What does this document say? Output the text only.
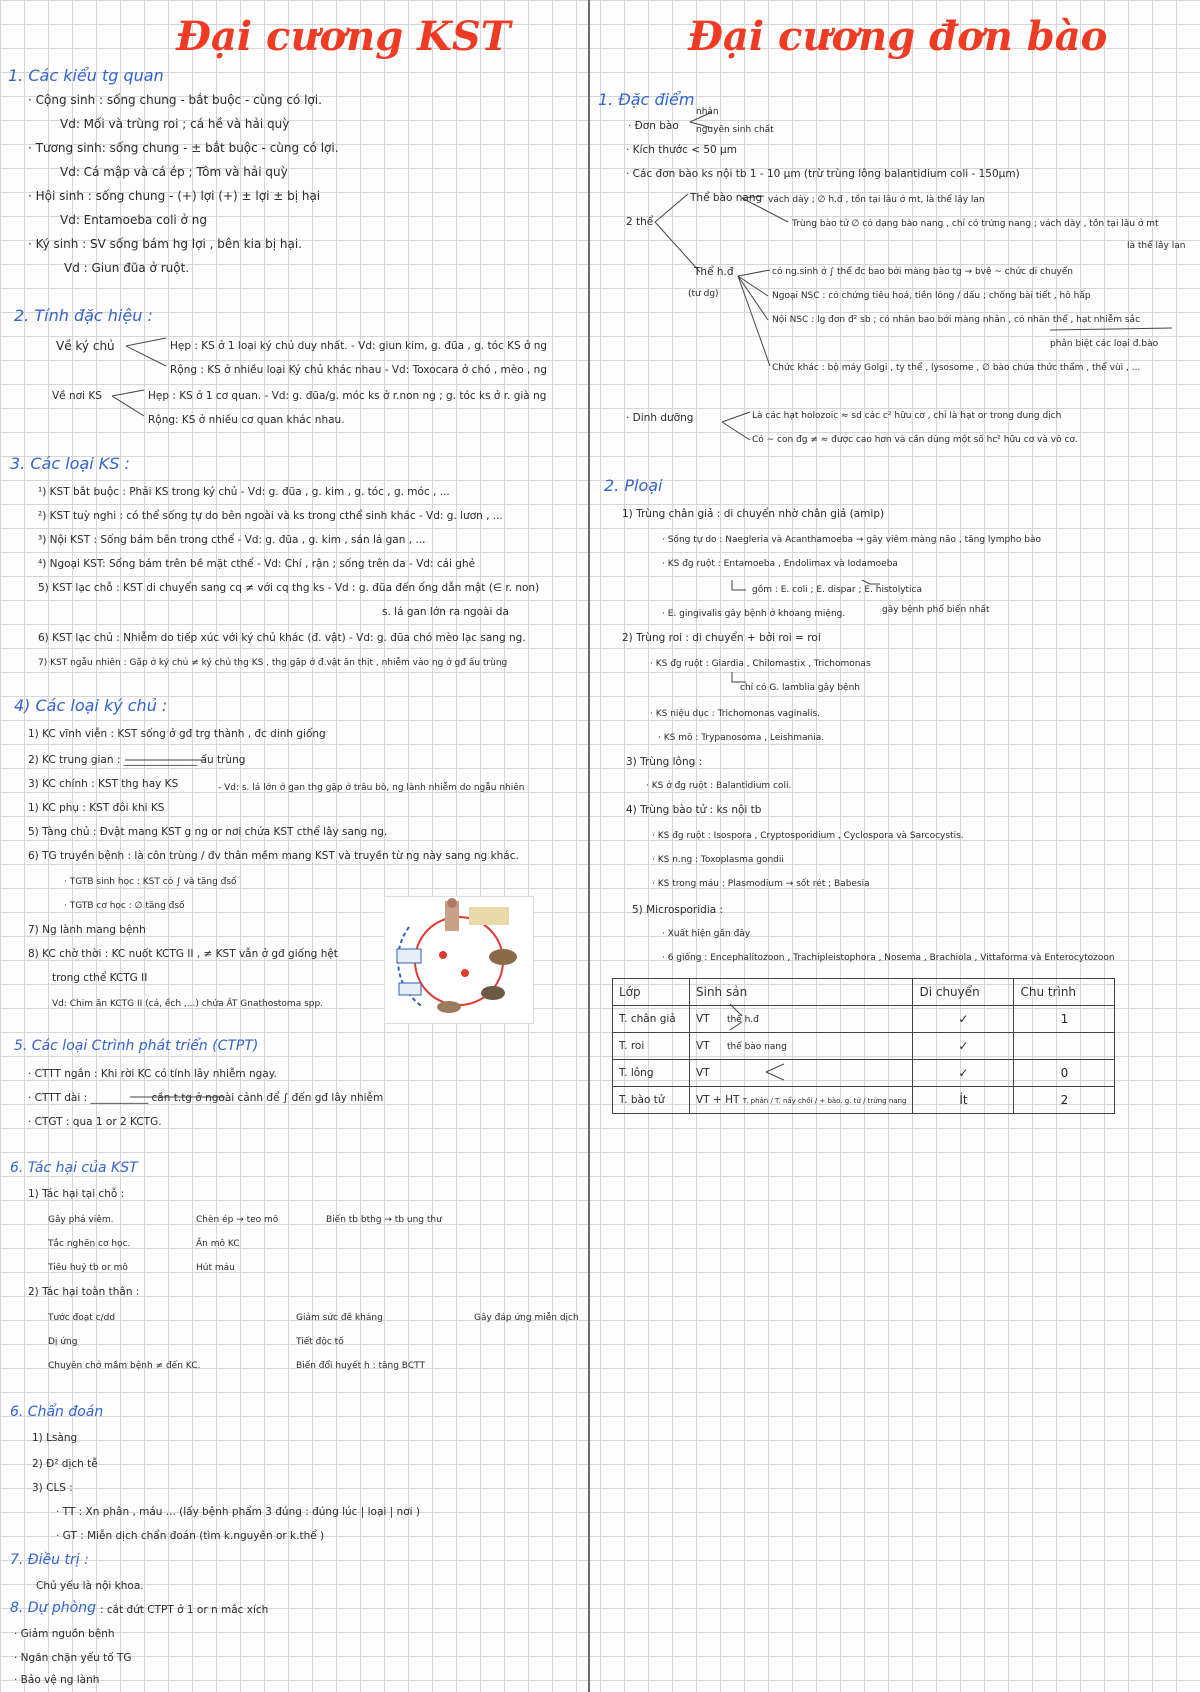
Đại cương KST
1. Các kiểu tg quan
· Cộng sinh : sống chung - bắt buộc - cùng có lợi.
Vd: Mối và trùng roi ; cá hề và hải quỳ
· Tương sinh: sống chung - ± bắt buộc - cùng có lợi.
Vd: Cá mập và cá ép ; Tôm và hải quỳ
· Hội sinh : sống chung - (+) lợi (+) ± lợi ± bị hại
Vd: Entamoeba coli ở ng
· Ký sinh : SV sống bám hg lợi , bên kia bị hại.
Vd : Giun đũa ở ruột.
2. Tính đặc hiệu :
Về ký chủ	Hẹp : KS ở 1 loại ký chủ duy nhất. - Vd: giun kim, g. đũa , g. tóc KS ở ng
Rộng : KS ở nhiều loại Ký chủ khác nhau - Vd: Toxocara ở chó , mèo , ng
Về nơi KS	Hẹp : KS ở 1 cơ quan. - Vd: g. đũa/g. móc ks ở r.non ng ; g. tóc ks ở r. già ng
Rộng: KS ở nhiều cơ quan khác nhau.
3. Các loại KS :
¹) KST bắt buộc : Phải KS trong ký chủ - Vd: g. đũa , g. kim , g. tóc , g. móc , ...
²) KST tuỳ nghi : có thể sống tự do bên ngoài và ks trong cthể sinh khác - Vd: g. lươn , ...
³) Nội KST : Sống bám bên trong cthể - Vd: g. đũa , g. kim , sán lá gan , ...
⁴) Ngoại KST: Sống bám trên bề mặt cthể - Vd: Chí , rận ; sống trên da - Vd: cái ghẻ
5) KST lạc chỗ : KST di chuyển sang cq ≠ với cq thg ks - Vd : g. đũa đến ống dẫn mật (∈ r. non)
s. lá gan lớn ra ngoài da
6) KST lạc chủ : Nhiễm do tiếp xúc với ký chủ khác (đ. vật) - Vd: g. đũa chó mèo lạc sang ng.
7) KST ngẫu nhiên : Gặp ở ký chủ ≠ ký chủ thg KS , thg gặp ở đ.vật ăn thịt , nhiễm vào ng ở gđ ấu trùng
4) Các loại ký chủ :
1) KC vĩnh viễn : KST sống ở gđ trg thành , đc dinh giống
2) KC trung gian : ______________ ấu trùng
3) KC chính : KST thg hay KS	- Vd: s. lá lớn ở gan thg gặp ở trâu bò, ng lành nhiễm do ngẫu nhiên
1) KC phụ : KST đôi khi KS
5) Tàng chủ : Đvật mang KST g ng or nơi chứa KST cthể lây sang ng.
6) TG truyền bệnh : là côn trùng / đv thân mềm mang KST và truyền từ ng này sang ng khác.
· TGTB sinh học : KST có ∫ và tăng đsố
· TGTB cơ học : ∅ tăng đsố
7) Ng lành mang bệnh
8) KC chờ thời : KC nuốt KCTG II , ≠ KST vẫn ở gđ giống hệt
trong cthể KCTG II
Vd: Chim ăn KCTG II (cá, ếch ,...) chứa ÂT Gnathostoma spp.
5. Các loại Ctrình phát triển (CTPT)
· CTTT ngắn : Khi rời KC có tính lây nhiễm ngay.
· CTTT dài : ___________ cần t.tg ở ngoài cảnh để ∫ đến gđ lây nhiễm
· CTGT : qua 1 or 2 KCTG.
6. Tác hại của KST
1) Tác hại tại chỗ :
Gây phá viêm.
Tắc nghẽn cơ học.
Tiêu huỷ tb or mô
Chèn ép → teo mô
Ăn mô KC
Hút máu
Biến tb bthg → tb ung thư
2) Tác hại toàn thân :
Tước đoạt c/dd
Dị ứng
Chuyên chở mầm bệnh ≠ đến KC.
Giảm sức đề kháng
Tiết độc tố
Biến đổi huyết h : tăng BCTT
Gây đáp ứng miễn dịch
6. Chẩn đoán
1) Lsàng
2) Đ² dịch tễ
3) CLS :
· TT : Xn phân , máu ... (lấy bệnh phẩm 3 đúng : đúng lúc | loại | nơi )
· GT : Miễn dịch chẩn đoán (tìm k.nguyên or k.thể )
7. Điều trị :
Chủ yếu là nội khoa.
8. Dự phòng : cắt đứt CTPT ở 1 or n mắc xích
· Giảm nguồn bệnh
· Ngăn chặn yếu tố TG
· Bảo vệ ng lành
Đại cương đơn bào
1. Đặc điểm
· Đơn bào
nhân
nguyên sinh chất
· Kích thước < 50 µm
· Các đơn bào ks nội tb 1 - 10 µm (trừ trùng lông balantidium coli - 150µm)
2 thể
Thể bào nang vách dày ; ∅ h.đ , tồn tại lâu ở mt, là thể lây lan
Trùng bào tử ∅ có dạng bào nang , chỉ có trứng nang ; vách dày , tồn tại lâu ở mt
là thể lây lan
Thể h.đ
(tư dg)
có ng.sinh ở ∫ thể đc bao bởi màng bào tg → bvệ ~ chức di chuyển
Ngoại NSC : có chứng tiêu hoá, tiền lông / dấu ; chống bài tiết , hô hấp
Nội NSC : lg đơn đ² sb ; có nhân bao bởi màng nhân , có nhân thể , hạt nhiễm sắc
phân biệt các loại đ.bào
Chức khác : bộ máy Golgi , ty thể , lysosome , ∅ bào chứa thức thẩm , thể vùi , ...
· Dinh dưỡng	Là các hạt holozoic ≈ sd các c² hữu cơ , chỉ là hạt or trong dung dịch
Có ~ con đg ≠ ≈ được cao hơn và cần dùng một số hc² hữu cơ và vô cơ.
2. Ploại
1) Trùng chân giả : di chuyển nhờ chân giả (amip)
· Sống tự do : Naegleria và Acanthamoeba → gây viêm màng não , tăng lympho bào
· KS đg ruột : Entamoeba , Endolimax và Iodamoeba
gồm : E. coli ; E. dispar ; E. histolytica
gây bệnh phổ biến nhất
· E. gingivalis gây bệnh ở khoang miệng.
2) Trùng roi : di chuyển + bởi roi = roi
· KS đg ruột : Giardia , Chilomastix , Trichomonas
chỉ có G. lamblia gây bệnh
· KS niệu dục : Trichomonas vaginalis.
· KS mô : Trypanosoma , Leishmania.
3) Trùng lông :
· KS ở đg ruột : Balantidium coli.
4) Trùng bào tử : ks nội tb
· KS đg ruột : Isospora , Cryptosporidium , Cyclospora và Sarcocystis.
· KS n.ng : Toxoplasma gondii
· KS trong máu : Plasmodium → sốt rét ; Babesia
5) Microsporidia :
· Xuất hiện gần đây
· 6 giống : Encephalitozoon , Trachipleistophora , Nosema , Brachiola , Vittaforma và Enterocytozoon
Lớp	Sinh sản	Di chuyển	Chu trình
T. chân giả	VT thể h.đ	✓	1
T. roi	VT thể bào nang	✓	
T. lông	VT	✓	0
T. bào tử	VT + HT T. phân / T. nẩy chồi / + bào. g. tử / trứng nang	Ít	2
